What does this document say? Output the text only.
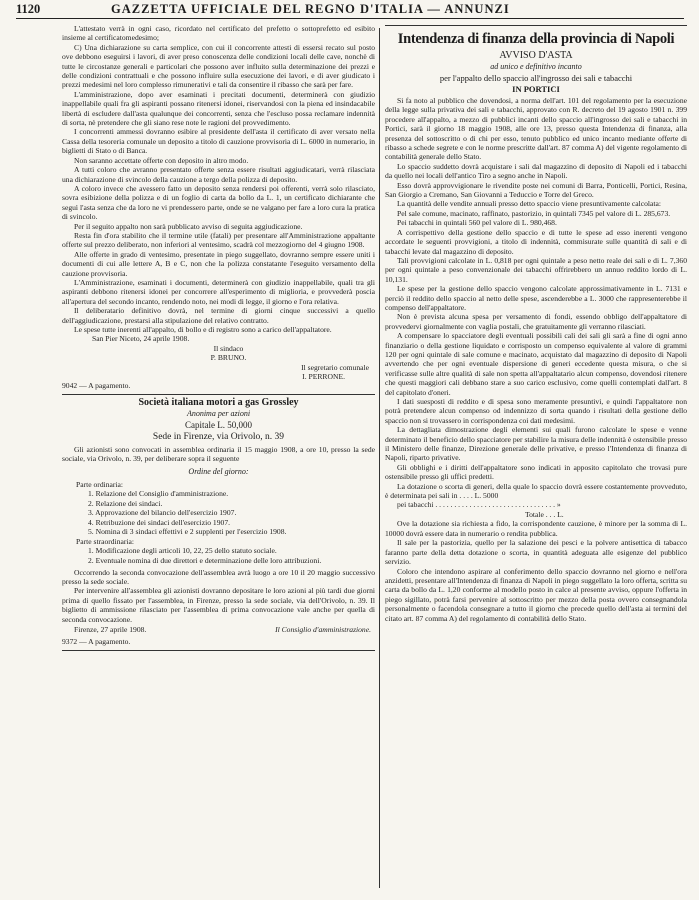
1120	GAZZETTA UFFICIALE DEL REGNO D'ITALIA — ANNUNZI

L'attestato verrà in ogni caso, ricordato nel certificato del prefetto o sottoprefetto ed esibito insieme al certificatomedesimo;

C) Una dichiarazione su carta semplice, con cui il concorrente attesti di essersi recato sul posto ove debbono eseguirsi i lavori, di aver preso conoscenza delle condizioni locali delle cave, nonchè di tutte le circostanze generali e particolari che possono aver influito sulla determinazione dei prezzi e delle condizioni contrattuali e che possono influire sulla esecuzione dei lavori, e di aver giudicato i prezzi medesimi nel loro complesso rimunerativi e tali da consentire il ribasso che sarà per fare.

L'amministrazione, dopo aver esaminati i precitati documenti, determinerà con giudizio inappellabile quali fra gli aspiranti possano ritenersi idonei, riservandosi con la piena ed insindacabile libertà di escludere dall'asta qualunque dei concorrenti, senza che l'escluso possa reclamare indennità di sorta, nè pretendere che gli siano rese note le ragioni del provvedimento.

I concorrenti ammessi dovranno esibire al presidente dell'asta il certificato di aver versato nella Cassa della tesoreria comunale un deposito a titolo di cauzione provvisoria di L. 6000 in numerario, in biglietti di Stato o di Banca.

Non saranno accettate offerte con deposito in altro modo.

A tutti coloro che avranno presentato offerte senza essere risultati aggiudicatari, verrà rilasciata una dichiarazione di svincolo della cauzione a tergo della polizza di deposito.

A coloro invece che avessero fatto un deposito senza rendersi poi offerenti, verrà solo rilasciato, sovra esibizione della polizza e di un foglio di carta da bollo da L. 1, un certificato dichiarante che seguì l'asta senza che da loro ne vi prendessero parte, onde se ne valgano per fare a loro cura la pratica di svincolo.

Per il seguito appalto non sarà pubblicato avviso di seguita aggiudicazione.

Resta fin d'ora stabilito che il termine utile (fatali) per presentare all'Amministrazione appaltante offerte sul prezzo deliberato, non inferiori al ventesimo, scadrà col mezzogiorno del 4 giugno 1908.

Alle offerte in grado di ventesimo, presentate in piego suggellato, dovranno sempre essere uniti i documenti di cui alle lettere A, B e C, non che la polizza constatante l'eseguito versamento della cauzione provvisoria.

L'Amministrazione, esaminati i documenti, determinerà con giudizio inappellabile, quali tra gli aspiranti debbono ritenersi idonei per concorrere all'esperimento di miglioria, e provvederà poscia all'apertura del secondo incanto, rendendo noto, nei modi di legge, il giorno e l'ora relativa.

Il deliberatario definitivo dovrà, nel termine di giorni cinque successivi a quello dell'aggiudicazione, prestarsi alla stipulazione del relativo contratto.

Le spese tutte inerenti all'appalto, di bollo e di registro sono a carico dell'appaltatore.

San Pier Niceto, 24 aprile 1908.
Il sindaco
P. BRUNO.
Il segretario comunale
I. PERRONE.
9042 — A pagamento.
Società italiana motori a gas Grossley
Anonima per azioni
Capitale L. 50,000
Sede in Firenze, via Orivolo, n. 39

Gli azionisti sono convocati in assemblea ordinaria il 15 maggio 1908, a ore 10, presso la sede sociale, via Orivolo, n. 39, per deliberare sopra il seguente

Ordine del giorno:
Parte ordinaria:
1. Relazione del Consiglio d'amministrazione.
2. Relazione dei sindaci.
3. Approvazione del bilancio dell'esercizio 1907.
4. Retribuzione dei sindaci dell'esercizio 1907.
5. Nomina di 3 sindaci effettivi e 2 supplenti per l'esercizio 1908.
Parte straordinaria:
1. Modificazione degli articoli 10, 22, 25 dello statuto sociale.
2. Eventuale nomina di due direttori e determinazione delle loro attribuzioni.

Occorrendo la seconda convocazione dell'assemblea avrà luogo a ore 10 il 20 maggio successivo presso la sede sociale.

Per intervenire all'assemblea gli azionisti dovranno depositare le loro azioni al più tardi due giorni prima di quello fissato per l'assemblea, in Firenze, presso la sede sociale, via dell'Orivolo, n. 39. Il biglietto di ammissione rilasciato per l'assemblea di prima convocazione vale anche per quella di seconda convocazione.

Firenze, 27 aprile 1908.	Il Consiglio d'amministrazione.
9372 — A pagamento.
Intendenza di finanza della provincia di Napoli
AVVISO D'ASTA
ad unico e definitivo incanto
per l'appalto dello spaccio all'ingrosso dei sali e tabacchi
IN PORTICI

Si fa noto al pubblico che dovendosi, a norma dell'art. 101 del regolamento per la esecuzione della legge sulla privativa dei sali e tabacchi, approvato con R. decreto del 19 agosto 1901 n. 399 procedere all'appalto, a mezzo di pubblici incanti dello spaccio all'ingrosso dei sali e tabacchi in Portici, sarà il giorno 18 maggio 1908, alle ore 13, presso questa Intendenza di finanza, alla presenza del sottoscritto o di chi per esso, tenuto pubblico ed unico incanto mediante offerte di ribasso a schede segrete e con le norme prescritte dall'art. 87 comma A) del vigente regolamento di contabilità generale dello Stato.

Lo spaccio suddetto dovrà acquistare i sali dal magazzino di deposito di Napoli ed i tabacchi da quello nei locali dell'antico Tiro a segno anche in Napoli.

Esso dovrà approvvigionare le rivendite poste nei comuni di Barra, Ponticelli, Portici, Resina, San Giorgio a Cremano, San Giovanni a Teduccio e Torre del Greco.

La quantità delle vendite annuali presso detto spaccio viene presuntivamente calcolata:

Pel sale comune, macinato, raffinato, pastorizio, in quintali 7345 pel valore di L. 285,673.

Pei tabacchi in quintali 560 pel valore di L. 980,468.

A corrispettivo della gestione dello spaccio e di tutte le spese ad esso inerenti vengono accordate le seguenti provvigioni, a titolo di indennità, commisurate sulle quantità di sali e di tabacchi levate dal magazzino di deposito.

Tali provvigioni calcolate in L. 0,818 per ogni quintale a peso netto reale dei sali e di L. 7,360 per ogni quintale a peso convenzionale dei tabacchi offrirebbero un annuo reddito lordo di L. 10,131.

Le spese per la gestione dello spaccio vengono calcolate approssimativamente in L. 7131 e perciò il reddito dello spaccio al netto delle spese, ascenderebbe a L. 3000 che rappresenterebbe il compenso dell'appaltatore.

Non è prevista alcuna spesa per versamento di fondi, essendo obbligo dell'appaltatore di provvedervi giornalmente con vaglia postali, che gratuitamente gli verranno rilasciati.

A compensare lo spacciatore degli eventuali possibili cali dei sali gli sarà a fine di ogni anno finanziario o della gestione liquidato e corrisposto un compenso equivalente al valore di grammi 120 per ogni quintale di sale comune e macinato, acquistato dal magazzino di deposito di Napoli avvertendo che per ogni eventuale dispersione di generi eccedente questa misura, o che si verificasse sulle altre qualità di sale non spetta all'appaltatario alcun compenso, dovendosi ritenere che questi maggiori cali debbano stare a suo carico esclusivo, come quelli contemplati dall'art. 8 del capitolato d'oneri.

I dati suesposti di reddito e di spesa sono meramente presuntivi, e quindi l'appaltatore non potrà pretendere alcun compenso od indennizzo di sorta quando i risultati della gestione dello spaccio non si trovassero in corrispondenza coi dati medesimi.

La dettagliata dimostrazione degli elementi sui quali furono calcolate le spese e venne determinato il beneficio dello spacciatore per stabilire la misura delle indennità è ostensibile presso il Ministero delle finanze, Direzione generale delle privative, e presso l'Intendenza di finanza di Napoli, riparto privative.

Gli obblighi e i diritti dell'appaltatore sono indicati in apposito capitolato che trovasi pure ostensibile presso gli uffici predetti.

La dotazione o scorta di generi, della quale lo spaccio dovrà essere costantemente provveduto, è determinata pei sali in . . . . L. 5000

pei tabacchi . . . . . . . . . . . . . . . . . . . . . . . . . . . . . . . . »

Totale . . . L.

Ove la dotazione sia richiesta a fido, la corrispondente cauzione, è minore per la somma di L. 10000 dovrà essere data in numerario o rendita pubblica.

Il sale per la pastorizia, quello per la salazione dei pesci e la polvere antisettica di tabacco faranno parte della detta dotazione o scorta, in quantità adeguata alle esigenze del pubblico servizio.

Coloro che intendono aspirare al conferimento dello spaccio dovranno nel giorno e nell'ora anzidetti, presentare all'Intendenza di finanza di Napoli in piego suggellato la loro offerta, scritta su carta da bollo da L. 1,20 conforme al modello posto in calce al presente avviso, oppure l'offerta in piego sigillato, potrà farsi pervenire al sottoscritto per mezzo della posta ovvero consegnandola personalmente o facendola consegnare a tutto il giorno che precede quello dell'asta ai termini del citato art. 87 comma A) del regolamento di contabilità dello Stato.
